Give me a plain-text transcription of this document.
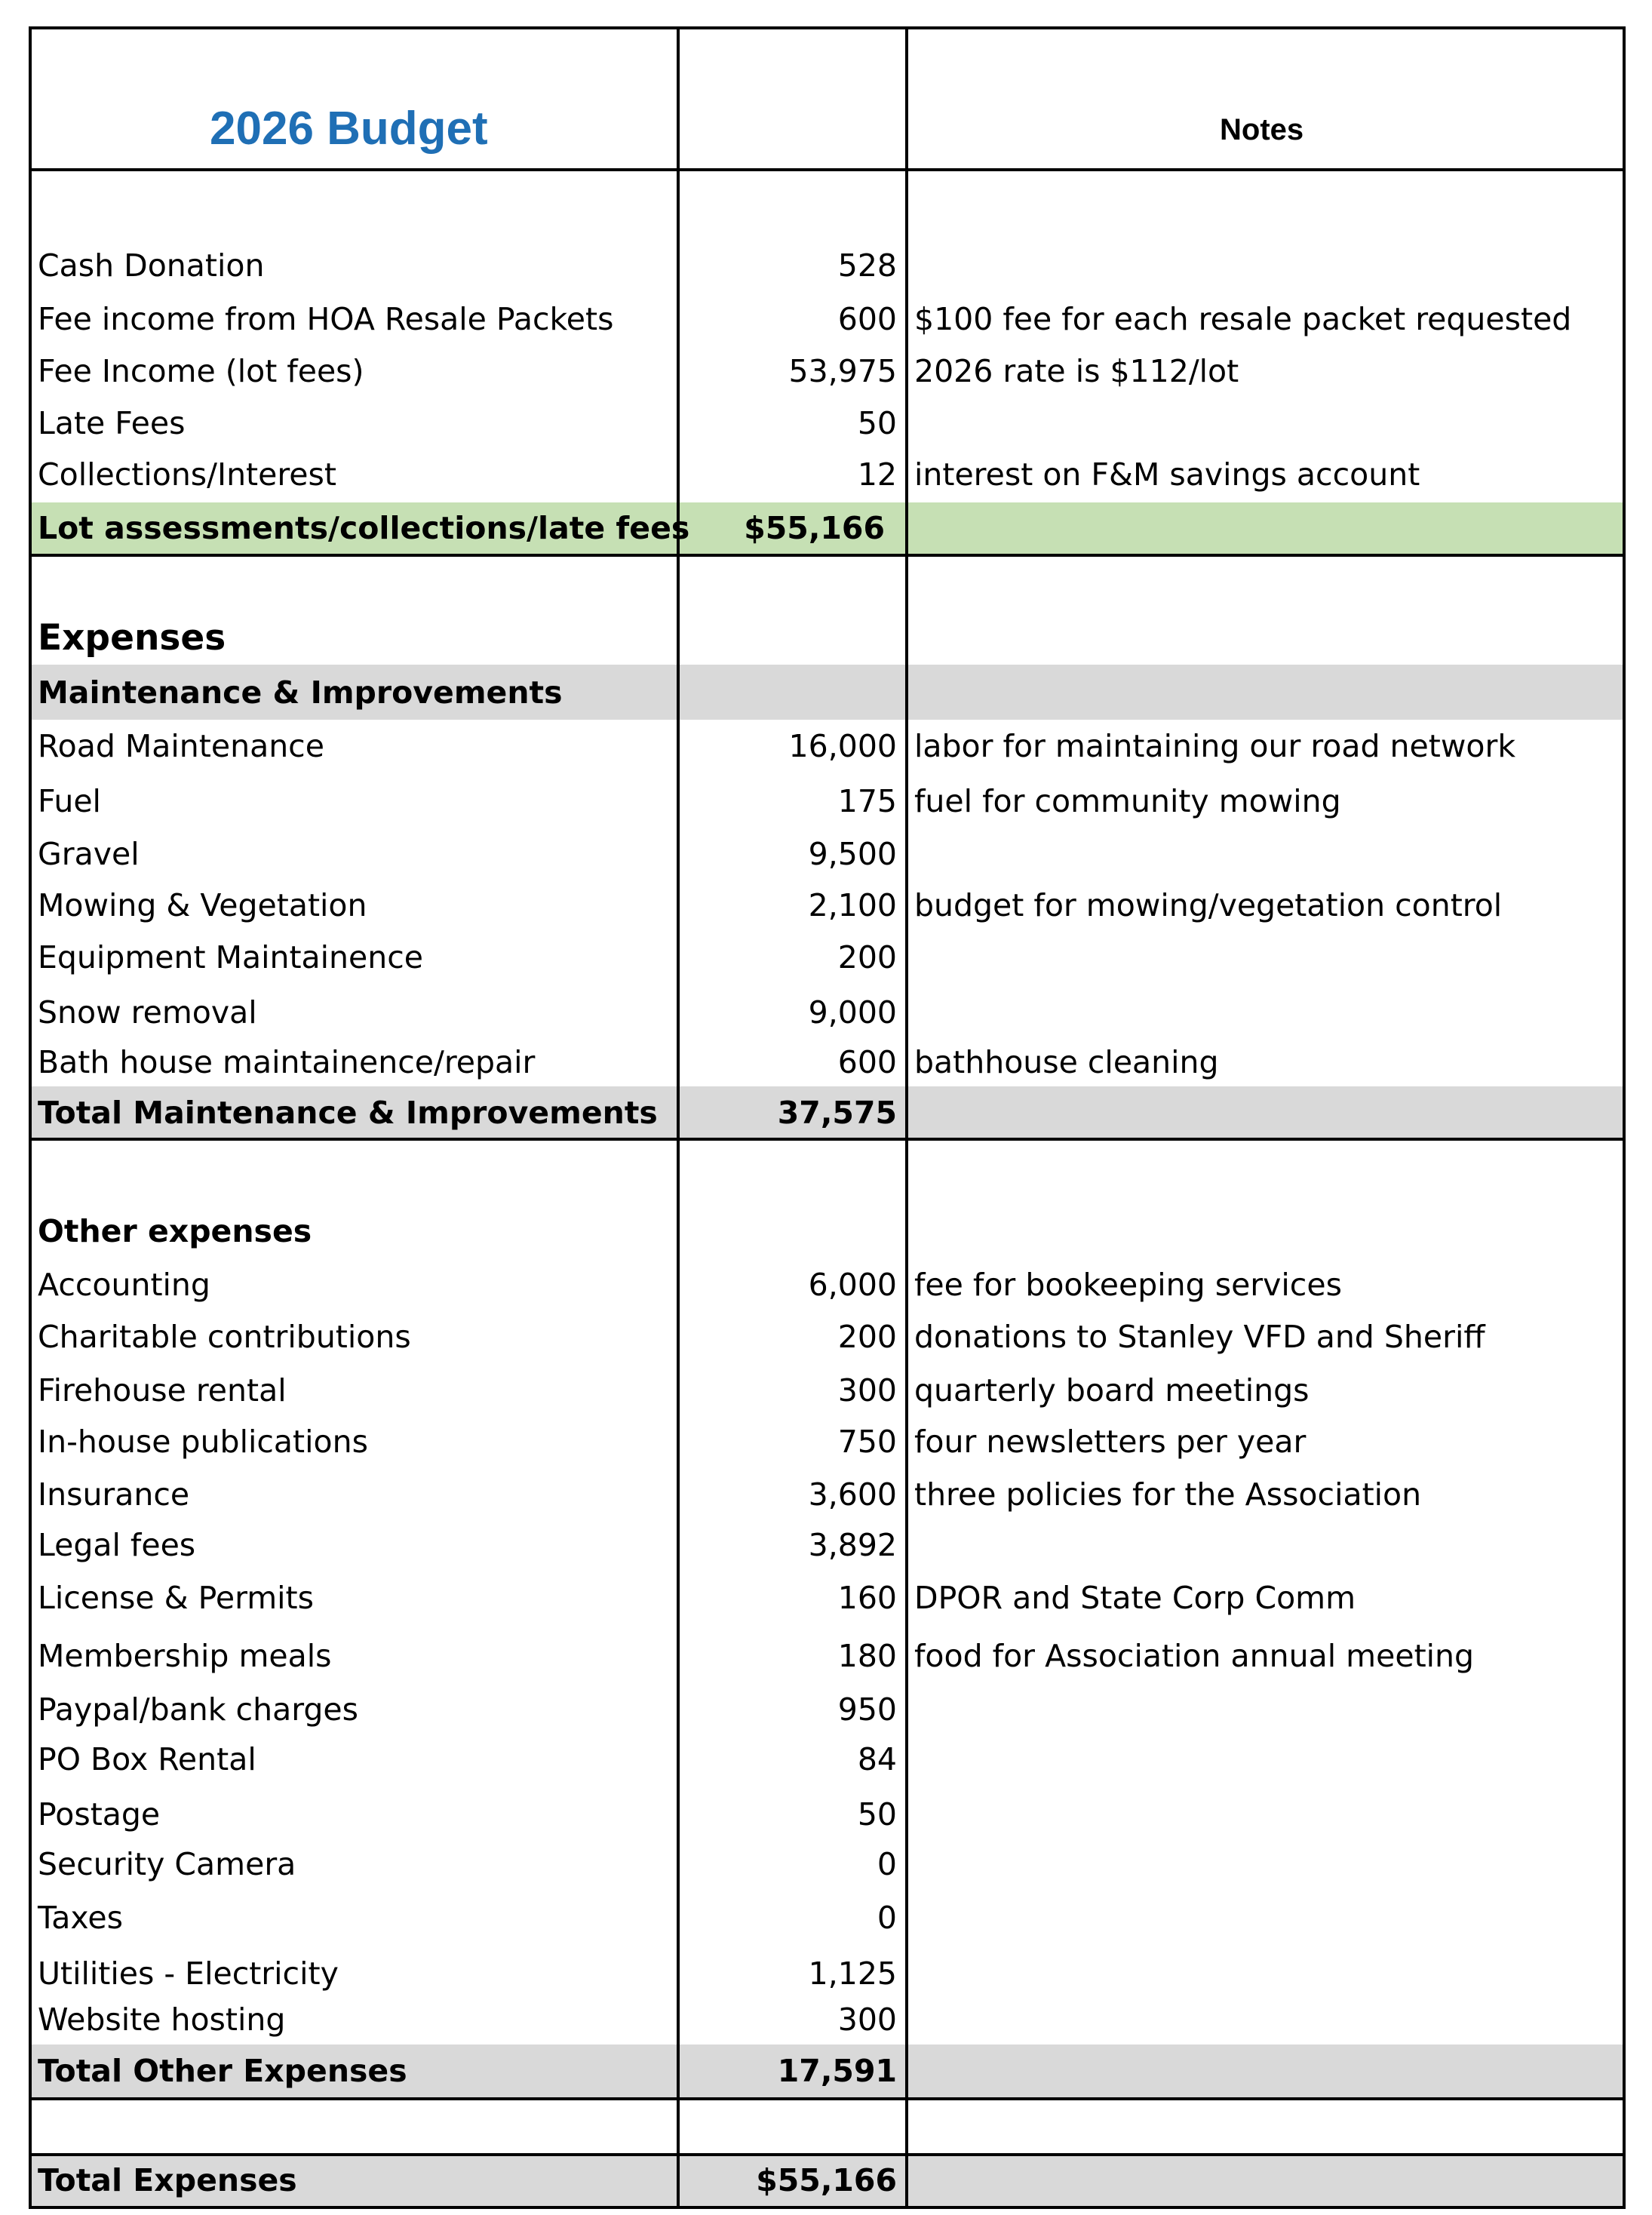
2026 Budget	Notes
Cash Donation	528
Fee income from HOA Resale Packets	600 $100 fee for each resale packet requested
Fee Income (lot fees)	53,975 2026 rate is $112/lot
Late Fees	50
Collections/Interest	12 interest on F&M savings account
Lot assessments/collections/late fees $55,166
Expenses
Maintenance & Improvements
Road Maintenance	16,000 labor for maintaining our road network
Fuel	175 fuel for community mowing
Gravel	9,500
Mowing & Vegetation	2,100 budget for mowing/vegetation control
Equipment Maintainence	200
Snow removal	9,000
Bath house maintainence/repair	600 bathhouse cleaning
Total Maintenance & Improvements	37,575
Other expenses
Accounting	6,000 fee for bookeeping services
Charitable contributions	200 donations to Stanley VFD and Sheriff
Firehouse rental	300 quarterly board meetings
In-house publications	750 four newsletters per year
Insurance	3,600 three policies for the Association
Legal fees	3,892
License & Permits	160 DPOR and State Corp Comm
Membership meals	180 food for Association annual meeting
Paypal/bank charges	950
PO Box Rental	84
Postage	50
Security Camera	0
Taxes	0
Utilities - Electricity	1,125
Website hosting	300
Total Other Expenses	17,591
Total Expenses	$55,166
